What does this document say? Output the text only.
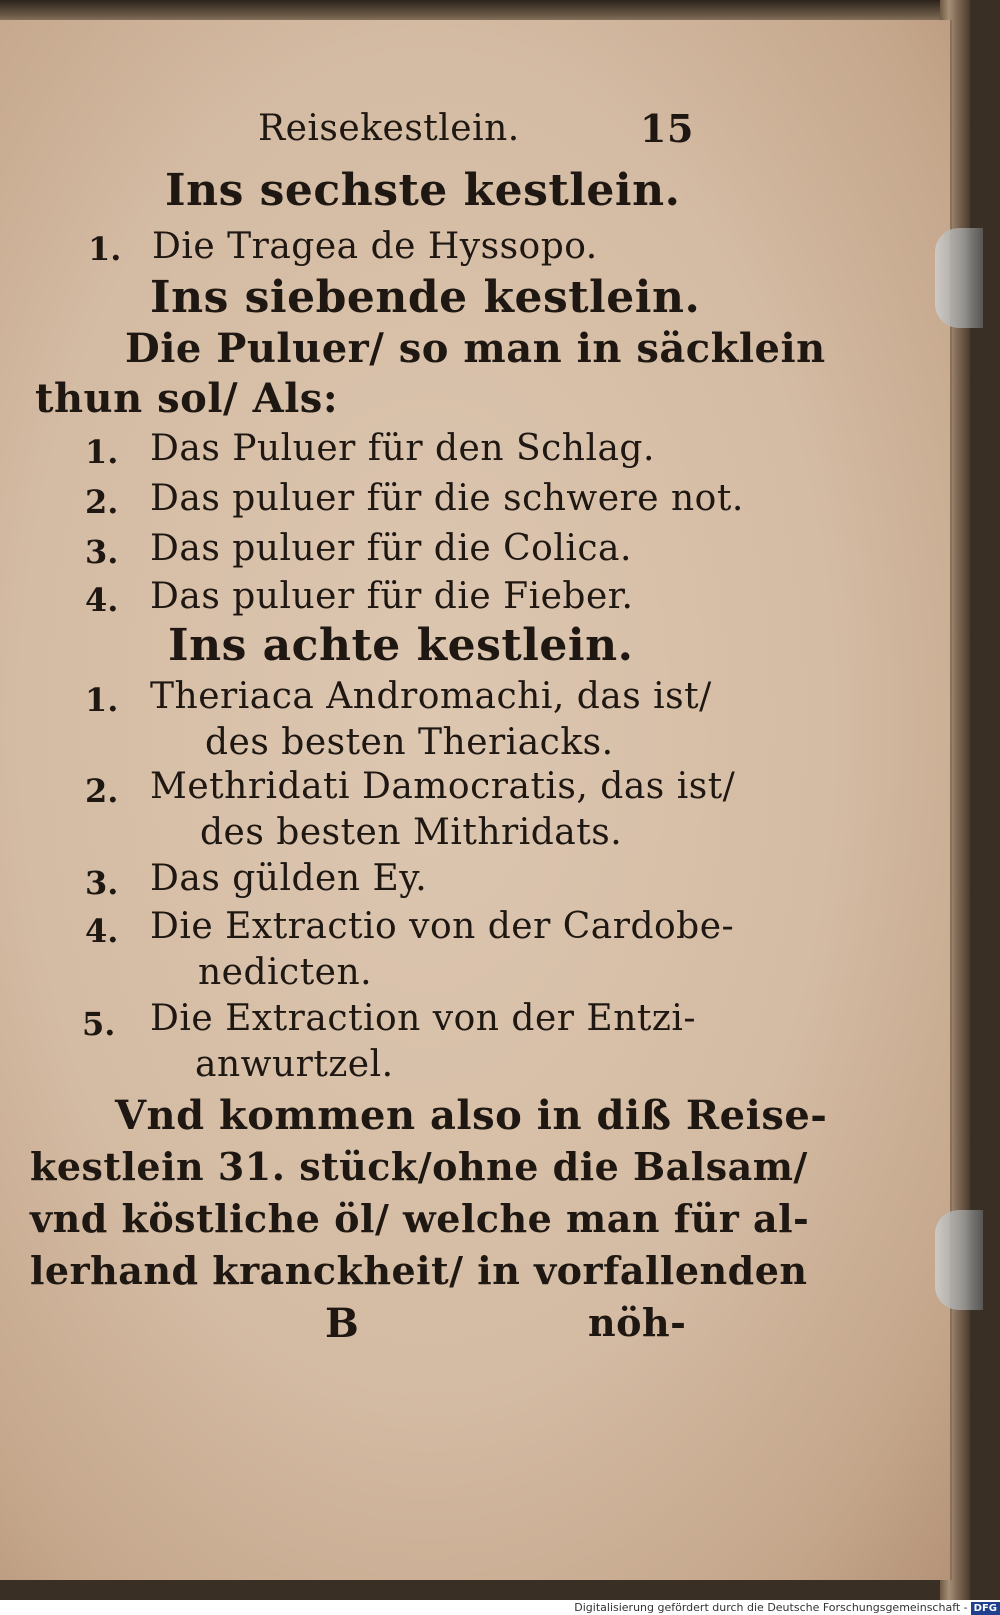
Reisekestlein.	15
Ins sechste kestlein.
1. Die Tragea de Hyssopo.
Ins siebende kestlein.
Die Puluer/ so man in säcklein
thun sol/ Als:
1. Das Puluer für den Schlag.
2. Das puluer für die schwere not.
3. Das puluer für die Colica.
4. Das puluer für die Fieber.
Ins achte kestlein.
1. Theriaca Andromachi, das ist/
des besten Theriacks.
2. Methridati Damocratis, das ist/
des besten Mithridats.
3. Das gülden Ey.
4. Die Extractio von der Cardobe-
nedicten.
5. Die Extraction von der Entzi-
anwurtzel.
Vnd kommen also in diß Reise-
kestlein 31. stück/ohne die Balsam/
vnd köstliche öl/ welche man für al-
lerhand kranckheit/ in vorfallenden
B	nöh-
Digitalisierung gefördert durch die Deutsche Forschungsgemeinschaft - DFG
